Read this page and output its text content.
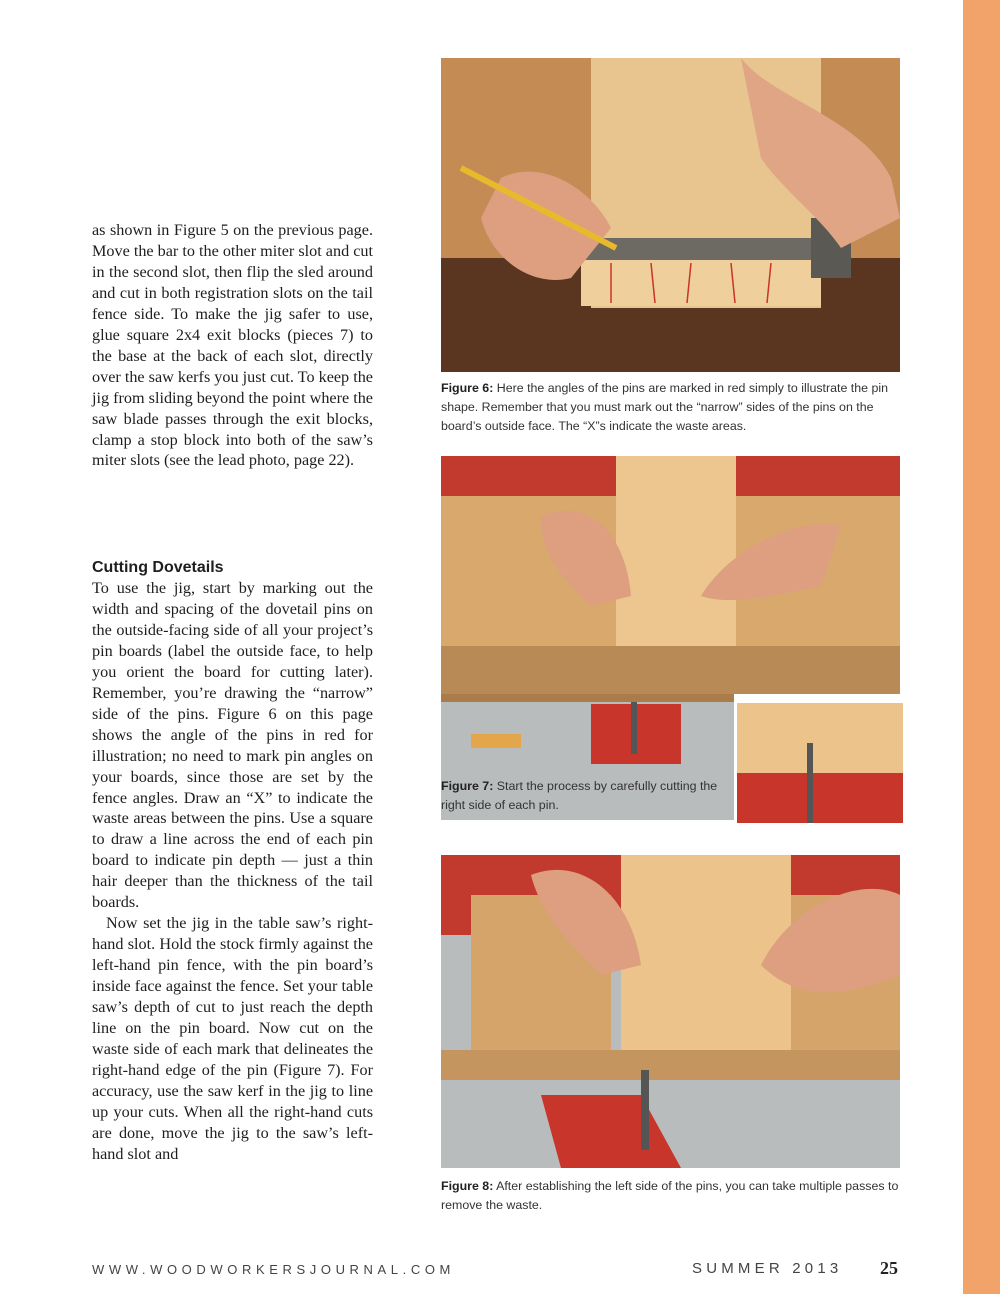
as shown in Figure 5 on the previous page. Move the bar to the other miter slot and cut in the second slot, then flip the sled around and cut in both registration slots on the tail fence side. To make the jig safer to use, glue square 2x4 exit blocks (pieces 7) to the base at the back of each slot, directly over the saw kerfs you just cut. To keep the jig from sliding beyond the point where the saw blade passes through the exit blocks, clamp a stop block into both of the saw’s miter slots (see the lead photo, page 22).

Cutting Dovetails

To use the jig, start by marking out the width and spacing of the dovetail pins on the outside-facing side of all your project’s pin boards (label the outside face, to help you orient the board for cutting later). Remember, you’re drawing the “narrow” side of the pins. Figure 6 on this page shows the angle of the pins in red for illustration; no need to mark pin angles on your boards, since those are set by the fence angles. Draw an “X” to indicate the waste areas between the pins. Use a square to draw a line across the end of each pin board to indicate pin depth — just a thin hair deeper than the thickness of the tail boards.

Now set the jig in the table saw’s right-hand slot. Hold the stock firmly against the left-hand pin fence, with the pin board’s inside face against the fence. Set your table saw’s depth of cut to just reach the depth line on the pin board. Now cut on the waste side of each mark that delineates the right-hand edge of the pin (Figure 7). For accuracy, use the saw kerf in the jig to line up your cuts. When all the right-hand cuts are done, move the jig to the saw’s left-hand slot and

Figure 6: Here the angles of the pins are marked in red simply to illustrate the pin shape. Remember that you must mark out the “narrow” sides of the pins on the board’s outside face. The “X”s indicate the waste areas.
Figure 7: Start the process by carefully cutting the right side of each pin.
Figure 8: After establishing the left side of the pins, you can take multiple passes to remove the waste.
WWW.WOODWORKERSJOURNAL.COM	SUMMER 2013 25
